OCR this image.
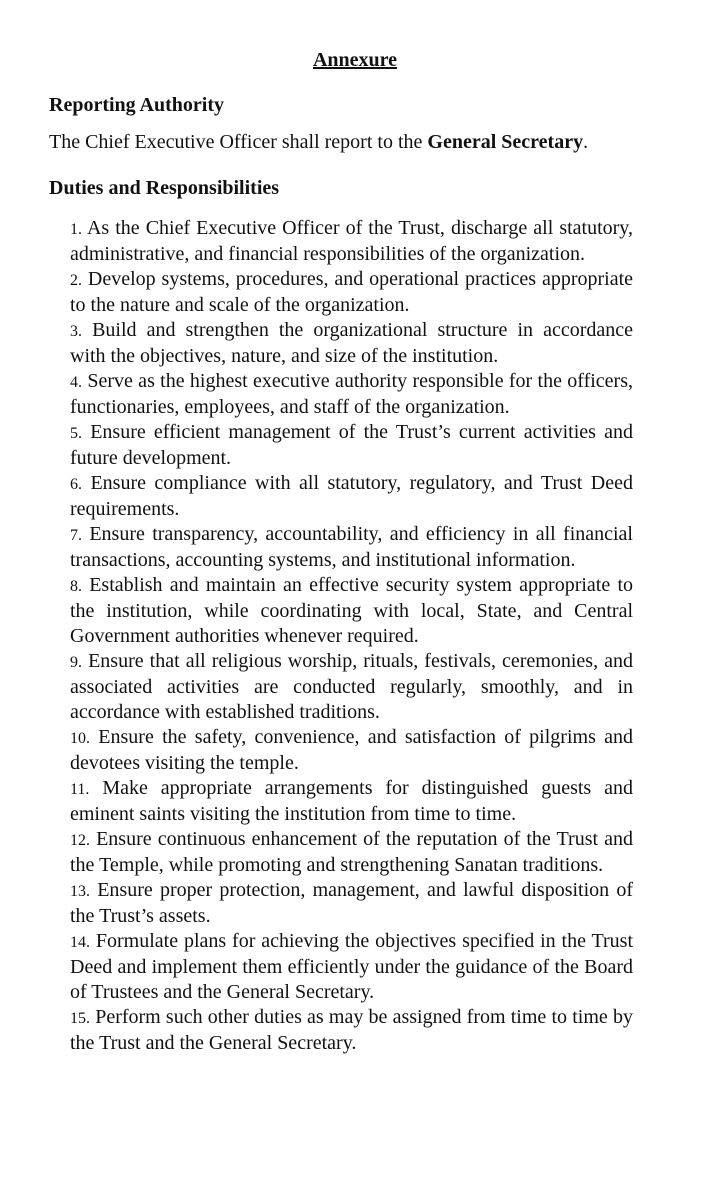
Annexure
Reporting Authority

The Chief Executive Officer shall report to the General Secretary.

Duties and Responsibilities
1. As the Chief Executive Officer of the Trust, discharge all statutory, administrative, and financial responsibilities of the organization.
2. Develop systems, procedures, and operational practices appropriate to the nature and scale of the organization.
3. Build and strengthen the organizational structure in accordance with the objectives, nature, and size of the institution.
4. Serve as the highest executive authority responsible for the officers, functionaries, employees, and staff of the organization.
5. Ensure efficient management of the Trust’s current activities and future development.
6. Ensure compliance with all statutory, regulatory, and Trust Deed requirements.
7. Ensure transparency, accountability, and efficiency in all financial transactions, accounting systems, and institutional information.
8. Establish and maintain an effective security system appropriate to the institution, while coordinating with local, State, and Central Government authorities whenever required.
9. Ensure that all religious worship, rituals, festivals, ceremonies, and associated activities are conducted regularly, smoothly, and in accordance with established traditions.
10. Ensure the safety, convenience, and satisfaction of pilgrims and devotees visiting the temple.
11. Make appropriate arrangements for distinguished guests and eminent saints visiting the institution from time to time.
12. Ensure continuous enhancement of the reputation of the Trust and the Temple, while promoting and strengthening Sanatan traditions.
13. Ensure proper protection, management, and lawful disposition of the Trust’s assets.
14. Formulate plans for achieving the objectives specified in the Trust Deed and implement them efficiently under the guidance of the Board of Trustees and the General Secretary.
15. Perform such other duties as may be assigned from time to time by the Trust and the General Secretary.
